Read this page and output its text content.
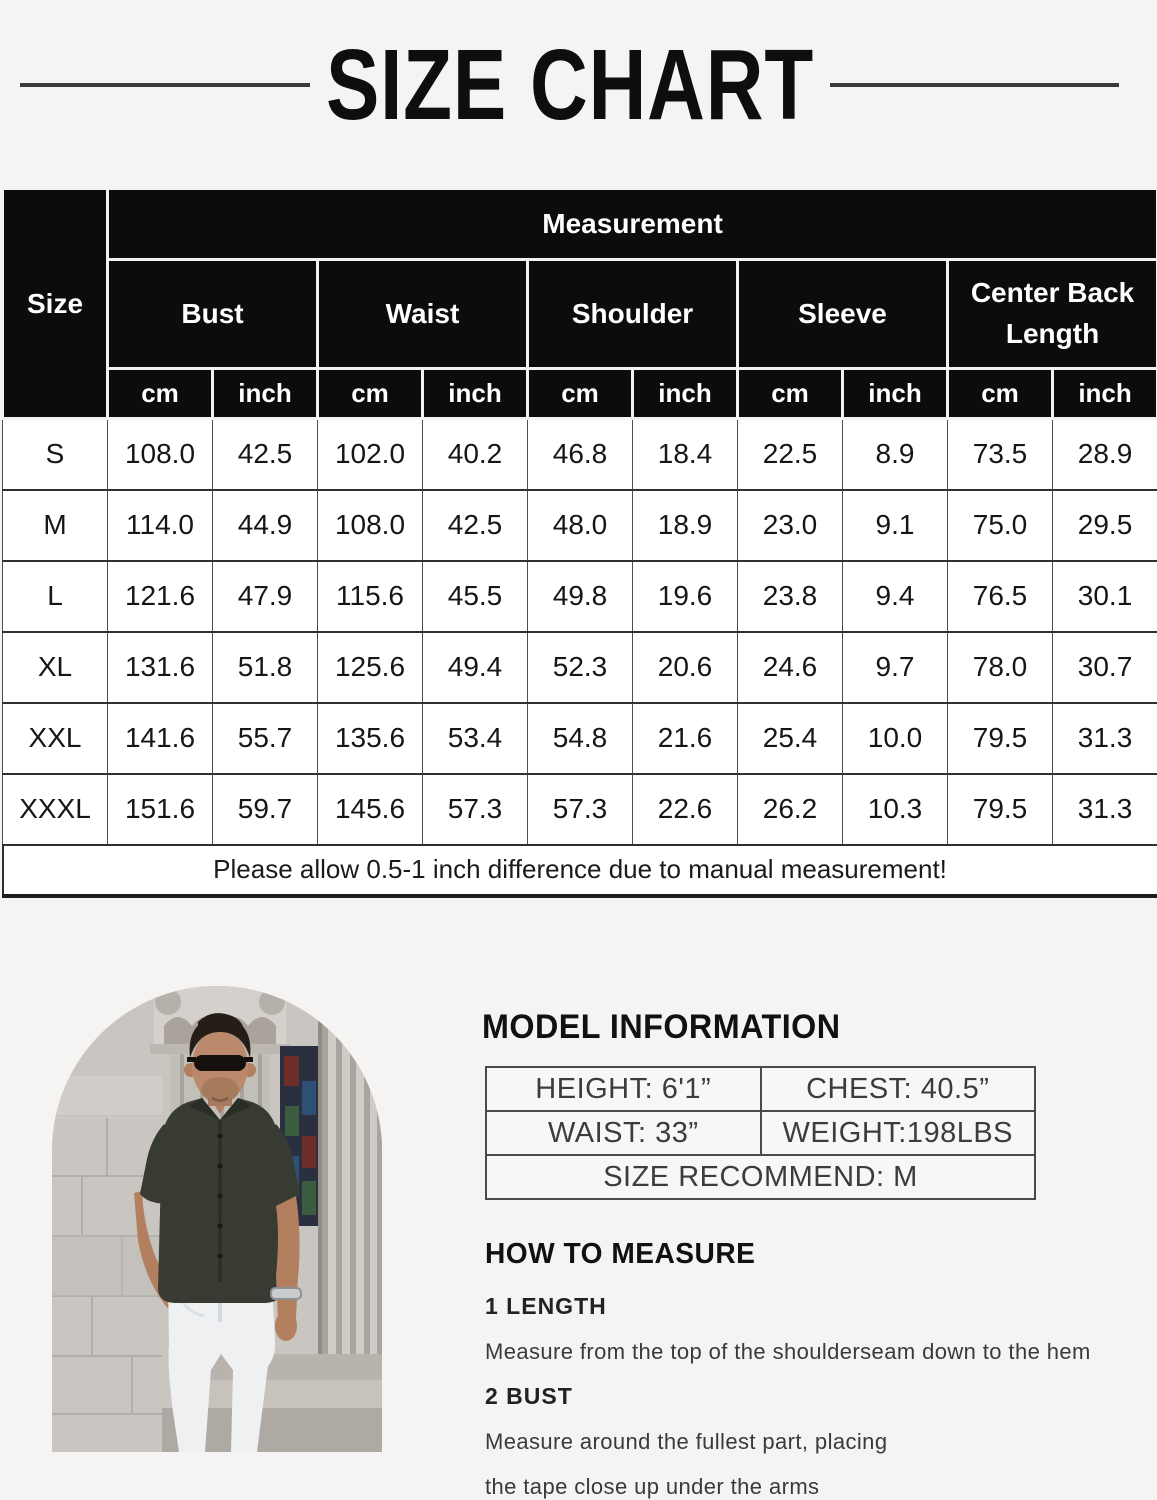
SIZE CHART
Size	Measurement									
	Bust		Waist		Shoulder		Sleeve		Center Back Length	
	cm	inch	cm	inch	cm	inch	cm	inch	cm	inch
S	108.0	42.5	102.0	40.2	46.8	18.4	22.5	8.9	73.5	28.9
M	114.0	44.9	108.0	42.5	48.0	18.9	23.0	9.1	75.0	29.5
L	121.6	47.9	115.6	45.5	49.8	19.6	23.8	9.4	76.5	30.1
XL	131.6	51.8	125.6	49.4	52.3	20.6	24.6	9.7	78.0	30.7
XXL	141.6	55.7	135.6	53.4	54.8	21.6	25.4	10.0	79.5	31.3
XXXL	151.6	59.7	145.6	57.3	57.3	22.6	26.2	10.3	79.5	31.3
Please allow 0.5-1 inch difference due to manual measurement!										
MODEL INFORMATION
HEIGHT: 6'1”	CHEST: 40.5”
WAIST: 33”	WEIGHT:198LBS
SIZE RECOMMEND: M	
HOW TO MEASURE
1 LENGTH
Measure from the top of the shoulderseam down to the hem
2 BUST
Measure around the fullest part, placing
the tape close up under the arms
